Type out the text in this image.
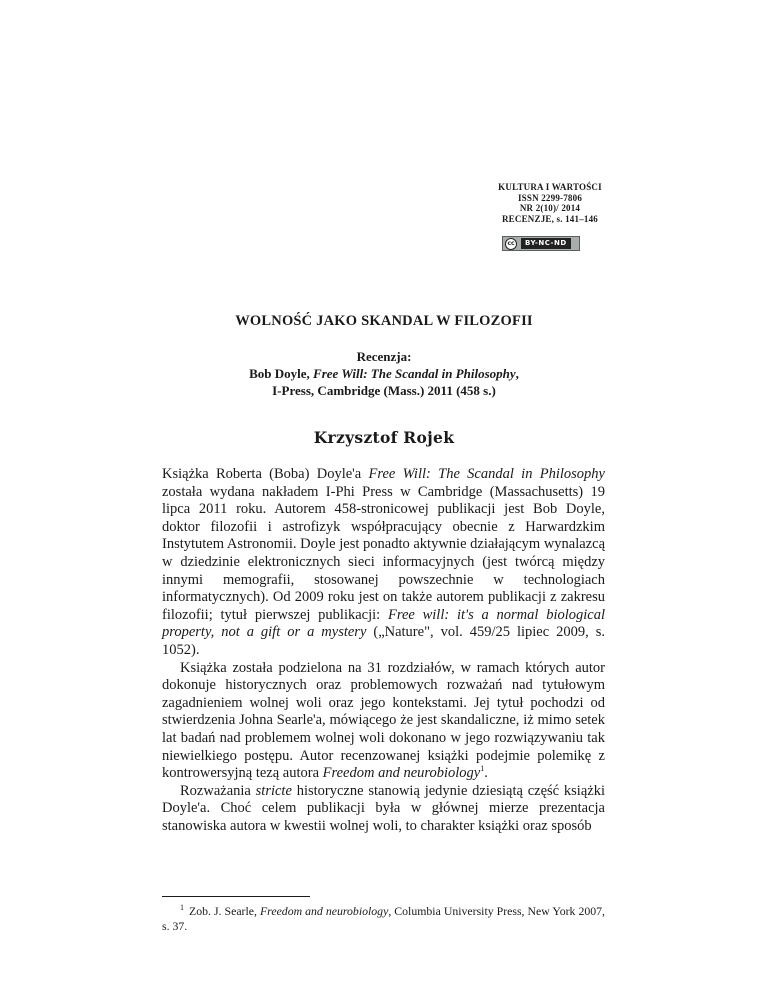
KULTURA I WARTOŚCI
ISSN 2299-7806
NR 2(10)/ 2014
RECENZJE, s. 141–146
cc	BY-NC-ND
WOLNOŚĆ JAKO SKANDAL W FILOZOFII
Recenzja:
Bob Doyle, Free Will: The Scandal in Philosophy,
I-Press, Cambridge (Mass.) 2011 (458 s.)
Krzysztof Rojek

Książka Roberta (Boba) Doyle'a Free Will: The Scandal in Philosophy została wydana nakładem I-Phi Press w Cambridge (Massachusetts) 19 lipca 2011 roku. Autorem 458-stronicowej publikacji jest Bob Doyle, doktor filozofii i astrofizyk współpracujący obecnie z Harwardzkim Instytutem Astronomii. Doyle jest ponadto aktywnie działającym wynalazcą w dziedzinie elektronicznych sieci informacyjnych (jest twórcą między innymi memografii, stosowanej powszechnie w technologiach informatycznych). Od 2009 roku jest on także autorem publikacji z zakresu filozofii; tytuł pierwszej publikacji: Free will: it's a normal biological property, not a gift or a mystery („Nature", vol. 459/25 lipiec 2009, s. 1052).

Książka została podzielona na 31 rozdziałów, w ramach których autor dokonuje historycznych oraz problemowych rozważań nad tytułowym zagadnieniem wolnej woli oraz jego kontekstami. Jej tytuł pochodzi od stwierdzenia Johna Searle'a, mówiącego że jest skandaliczne, iż mimo setek lat badań nad problemem wolnej woli dokonano w jego rozwiązywaniu tak niewielkiego postępu. Autor recenzowanej książki podejmie polemikę z kontrowersyjną tezą autora Freedom and neurobiology$^1$.

Rozważania stricte historyczne stanowią jedynie dziesiątą część książki Doyle'a. Choć celem publikacji była w głównej mierze prezentacja stanowiska autora w kwestii wolnej woli, to charakter książki oraz sposób

$^1$ Zob. J. Searle, Freedom and neurobiology, Columbia University Press, New York 2007, s. 37.
